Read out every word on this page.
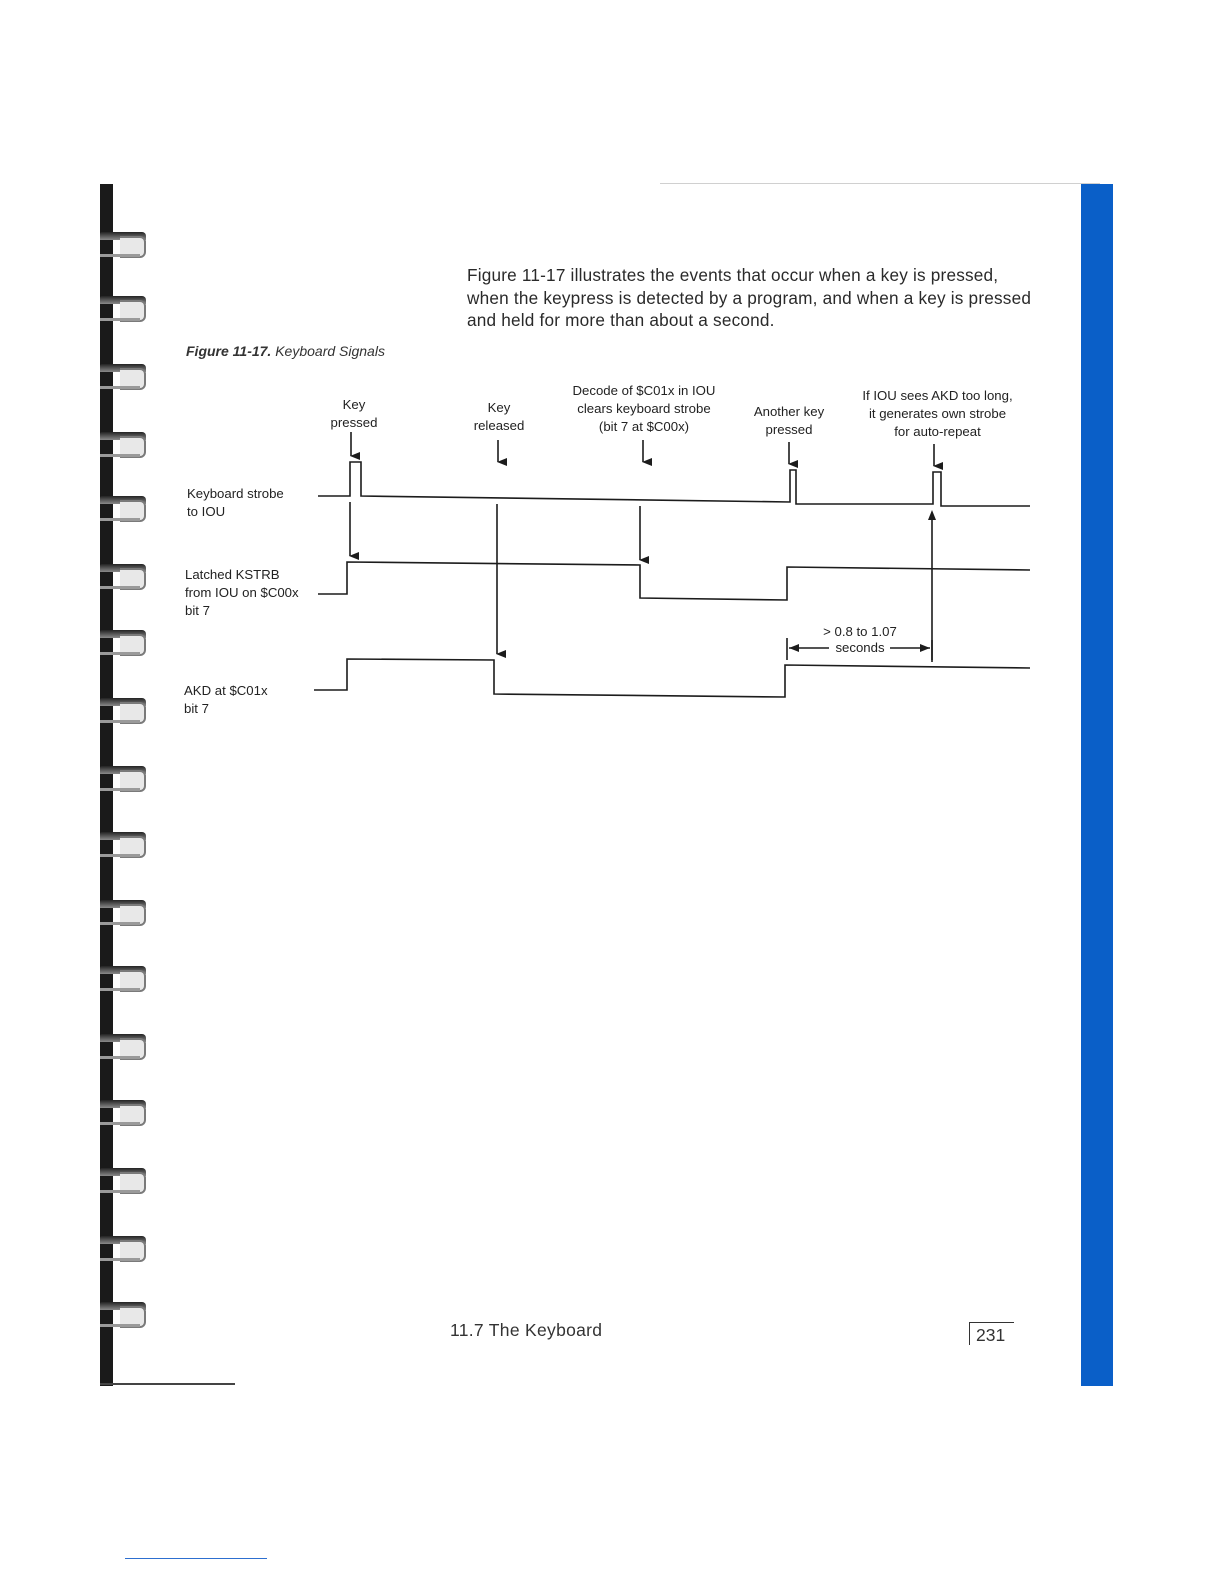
Figure 11-17 illustrates the events that occur when a key is pressed, when the keypress is detected by a program, and when a key is pressed and held for more than about a second.
Figure 11-17. Keyboard Signals
Key
pressed
Key
released
Decode of $C01x in IOU
clears keyboard strobe
(bit 7 at $C00x)
Another key
pressed
If IOU sees AKD too long,
it generates own strobe
for auto-repeat
Keyboard strobe
to IOU
Latched KSTRB
from IOU on $C00x
bit 7
AKD at $C01x
bit 7
> 0.8 to 1.07
seconds
11.7 The Keyboard	231
